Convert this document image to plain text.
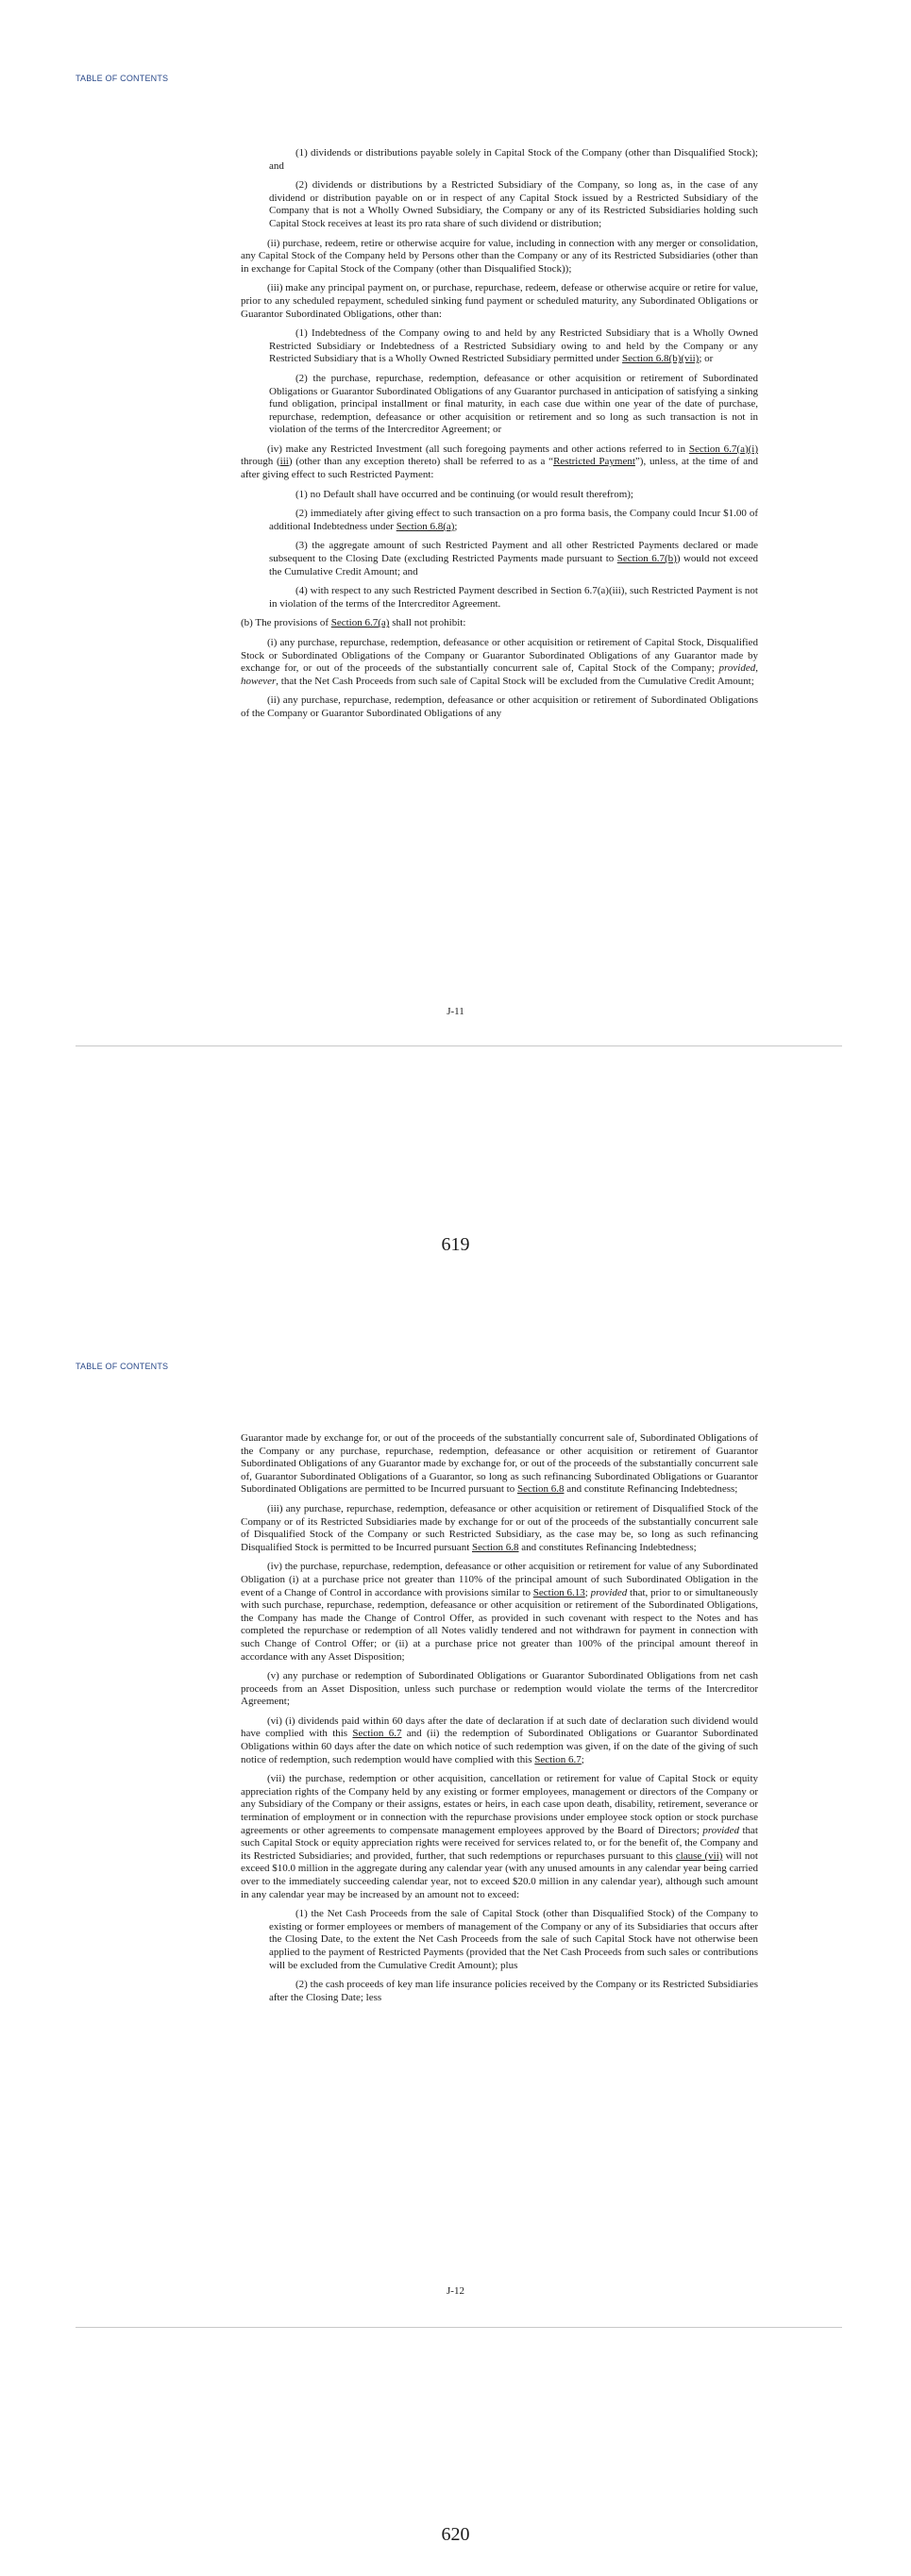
TABLE OF CONTENTS

(1) dividends or distributions payable solely in Capital Stock of the Company (other than Disqualified Stock); and

(2) dividends or distributions by a Restricted Subsidiary of the Company, so long as, in the case of any dividend or distribution payable on or in respect of any Capital Stock issued by a Restricted Subsidiary of the Company that is not a Wholly Owned Subsidiary, the Company or any of its Restricted Subsidiaries holding such Capital Stock receives at least its pro rata share of such dividend or distribution;

(ii) purchase, redeem, retire or otherwise acquire for value, including in connection with any merger or consolidation, any Capital Stock of the Company held by Persons other than the Company or any of its Restricted Subsidiaries (other than in exchange for Capital Stock of the Company (other than Disqualified Stock));

(iii) make any principal payment on, or purchase, repurchase, redeem, defease or otherwise acquire or retire for value, prior to any scheduled repayment, scheduled sinking fund payment or scheduled maturity, any Subordinated Obligations or Guarantor Subordinated Obligations, other than:

(1) Indebtedness of the Company owing to and held by any Restricted Subsidiary that is a Wholly Owned Restricted Subsidiary or Indebtedness of a Restricted Subsidiary owing to and held by the Company or any Restricted Subsidiary that is a Wholly Owned Restricted Subsidiary permitted under Section 6.8(b)(vii); or

(2) the purchase, repurchase, redemption, defeasance or other acquisition or retirement of Subordinated Obligations or Guarantor Subordinated Obligations of any Guarantor purchased in anticipation of satisfying a sinking fund obligation, principal installment or final maturity, in each case due within one year of the date of purchase, repurchase, redemption, defeasance or other acquisition or retirement and so long as such transaction is not in violation of the terms of the Intercreditor Agreement; or

(iv) make any Restricted Investment (all such foregoing payments and other actions referred to in Section 6.7(a)(i) through (iii) (other than any exception thereto) shall be referred to as a “Restricted Payment”), unless, at the time of and after giving effect to such Restricted Payment:

(1) no Default shall have occurred and be continuing (or would result therefrom);

(2) immediately after giving effect to such transaction on a pro forma basis, the Company could Incur $1.00 of additional Indebtedness under Section 6.8(a);

(3) the aggregate amount of such Restricted Payment and all other Restricted Payments declared or made subsequent to the Closing Date (excluding Restricted Payments made pursuant to Section 6.7(b)) would not exceed the Cumulative Credit Amount; and

(4) with respect to any such Restricted Payment described in Section 6.7(a)(iii), such Restricted Payment is not in violation of the terms of the Intercreditor Agreement.

(b) The provisions of Section 6.7(a) shall not prohibit:

(i) any purchase, repurchase, redemption, defeasance or other acquisition or retirement of Capital Stock, Disqualified Stock or Subordinated Obligations of the Company or Guarantor Subordinated Obligations of any Guarantor made by exchange for, or out of the proceeds of the substantially concurrent sale of, Capital Stock of the Company; provided, however, that the Net Cash Proceeds from such sale of Capital Stock will be excluded from the Cumulative Credit Amount;

(ii) any purchase, repurchase, redemption, defeasance or other acquisition or retirement of Subordinated Obligations of the Company or Guarantor Subordinated Obligations of any

J-11
619
TABLE OF CONTENTS

Guarantor made by exchange for, or out of the proceeds of the substantially concurrent sale of, Subordinated Obligations of the Company or any purchase, repurchase, redemption, defeasance or other acquisition or retirement of Guarantor Subordinated Obligations of any Guarantor made by exchange for, or out of the proceeds of the substantially concurrent sale of, Guarantor Subordinated Obligations of a Guarantor, so long as such refinancing Subordinated Obligations or Guarantor Subordinated Obligations are permitted to be Incurred pursuant to Section 6.8 and constitute Refinancing Indebtedness;

(iii) any purchase, repurchase, redemption, defeasance or other acquisition or retirement of Disqualified Stock of the Company or of its Restricted Subsidiaries made by exchange for or out of the proceeds of the substantially concurrent sale of Disqualified Stock of the Company or such Restricted Subsidiary, as the case may be, so long as such refinancing Disqualified Stock is permitted to be Incurred pursuant Section 6.8 and constitutes Refinancing Indebtedness;

(iv) the purchase, repurchase, redemption, defeasance or other acquisition or retirement for value of any Subordinated Obligation (i) at a purchase price not greater than 110% of the principal amount of such Subordinated Obligation in the event of a Change of Control in accordance with provisions similar to Section 6.13; provided that, prior to or simultaneously with such purchase, repurchase, redemption, defeasance or other acquisition or retirement of the Subordinated Obligations, the Company has made the Change of Control Offer, as provided in such covenant with respect to the Notes and has completed the repurchase or redemption of all Notes validly tendered and not withdrawn for payment in connection with such Change of Control Offer; or (ii) at a purchase price not greater than 100% of the principal amount thereof in accordance with any Asset Disposition;

(v) any purchase or redemption of Subordinated Obligations or Guarantor Subordinated Obligations from net cash proceeds from an Asset Disposition, unless such purchase or redemption would violate the terms of the Intercreditor Agreement;

(vi) (i) dividends paid within 60 days after the date of declaration if at such date of declaration such dividend would have complied with this Section 6.7 and (ii) the redemption of Subordinated Obligations or Guarantor Subordinated Obligations within 60 days after the date on which notice of such redemption was given, if on the date of the giving of such notice of redemption, such redemption would have complied with this Section 6.7;

(vii) the purchase, redemption or other acquisition, cancellation or retirement for value of Capital Stock or equity appreciation rights of the Company held by any existing or former employees, management or directors of the Company or any Subsidiary of the Company or their assigns, estates or heirs, in each case upon death, disability, retirement, severance or termination of employment or in connection with the repurchase provisions under employee stock option or stock purchase agreements or other agreements to compensate management employees approved by the Board of Directors; provided that such Capital Stock or equity appreciation rights were received for services related to, or for the benefit of, the Company and its Restricted Subsidiaries; and provided, further, that such redemptions or repurchases pursuant to this clause (vii) will not exceed $10.0 million in the aggregate during any calendar year (with any unused amounts in any calendar year being carried over to the immediately succeeding calendar year, not to exceed $20.0 million in any calendar year), although such amount in any calendar year may be increased by an amount not to exceed:

(1) the Net Cash Proceeds from the sale of Capital Stock (other than Disqualified Stock) of the Company to existing or former employees or members of management of the Company or any of its Subsidiaries that occurs after the Closing Date, to the extent the Net Cash Proceeds from the sale of such Capital Stock have not otherwise been applied to the payment of Restricted Payments (provided that the Net Cash Proceeds from such sales or contributions will be excluded from the Cumulative Credit Amount); plus

(2) the cash proceeds of key man life insurance policies received by the Company or its Restricted Subsidiaries after the Closing Date; less

J-12
620
